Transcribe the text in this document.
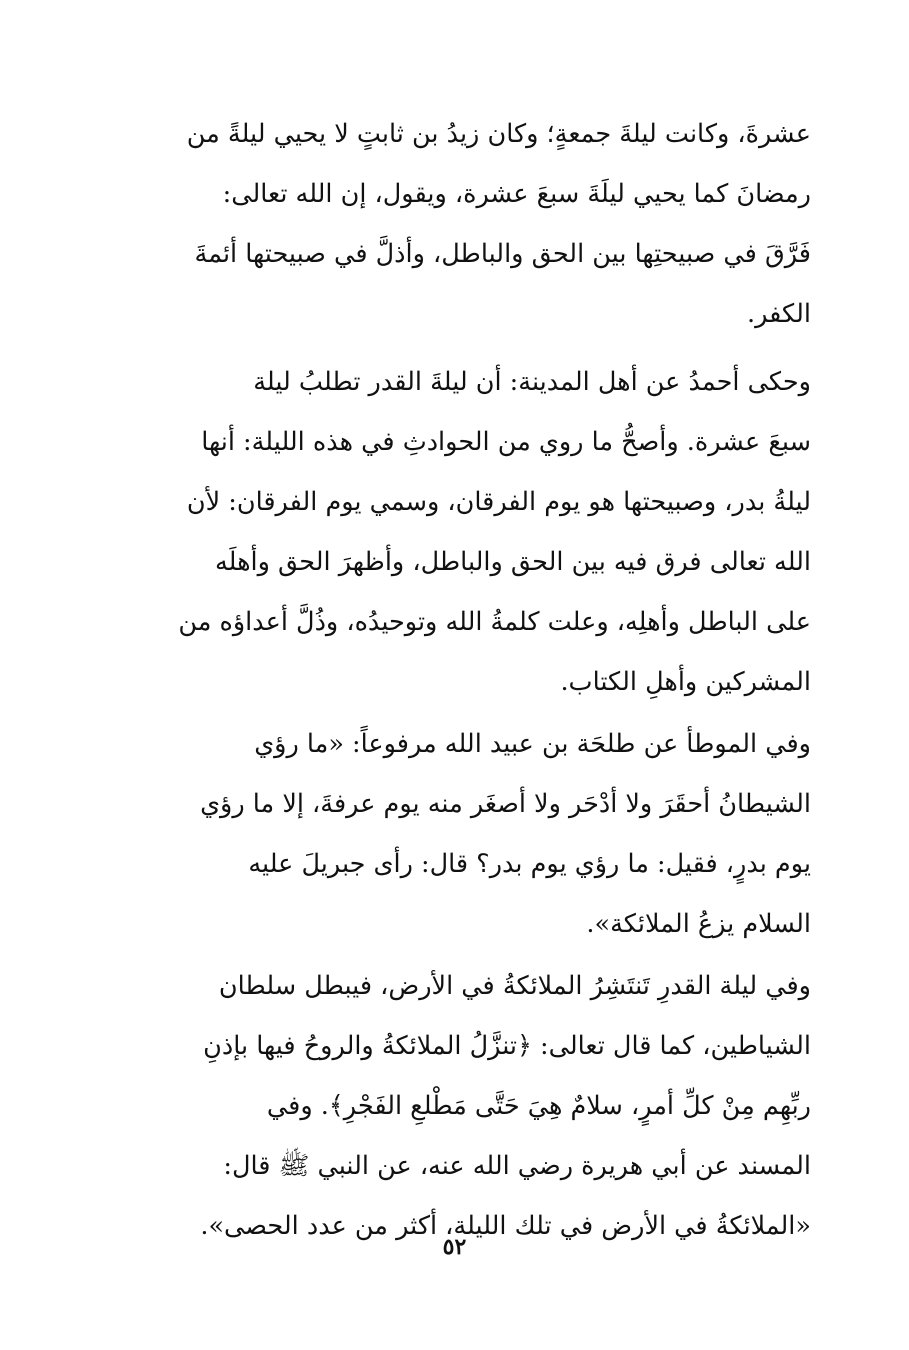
عشرةَ، وكانت ليلةَ جمعةٍ؛ وكان زيدُ بن ثابتٍ لا يحيي ليلةً من
رمضانَ كما يحيي ليلَةَ سبعَ عشرة، ويقول، إن الله تعالى:
فَرَّقَ في صبيحتِها بين الحق والباطل، وأذلَّ في صبيحتها أئمةَ
الكفر.

وحكى أحمدُ عن أهل المدينة: أن ليلةَ القدر تطلبُ ليلة
سبعَ عشرة. وأصحُّ ما روي من الحوادثِ في هذه الليلة: أنها
ليلةُ بدر، وصبيحتها هو يوم الفرقان، وسمي يوم الفرقان: لأن
الله تعالى فرق فيه بين الحق والباطل، وأظهرَ الحق وأهلَه
على الباطل وأهلِه، وعلت كلمةُ الله وتوحيدُه، وذُلَّ أعداؤه من
المشركين وأهلِ الكتاب.

وفي الموطأ عن طلحَة بن عبيد الله مرفوعاً: «ما رؤي
الشيطانُ أحقَرَ ولا أدْحَر ولا أصغَر منه يوم عرفةَ، إلا ما رؤي
يوم بدرٍ، فقيل: ما رؤي يوم بدر؟ قال: رأى جبريلَ عليه
السلام يزعُ الملائكة».

وفي ليلة القدرِ تَنتَشِرُ الملائكةُ في الأرض، فيبطل سلطان
الشياطين، كما قال تعالى: ﴿تنزَّلُ الملائكةُ والروحُ فيها بإذنِ
ربِّهِم مِنْ كلِّ أمرٍ، سلامٌ هِيَ حَتَّى مَطْلعِ الفَجْرِ﴾. وفي
المسند عن أبي هريرة رضي الله عنه، عن النبي ﷺ قال:
«الملائكةُ في الأرض في تلك الليلة، أكثر من عدد الحصى».

٥٢
